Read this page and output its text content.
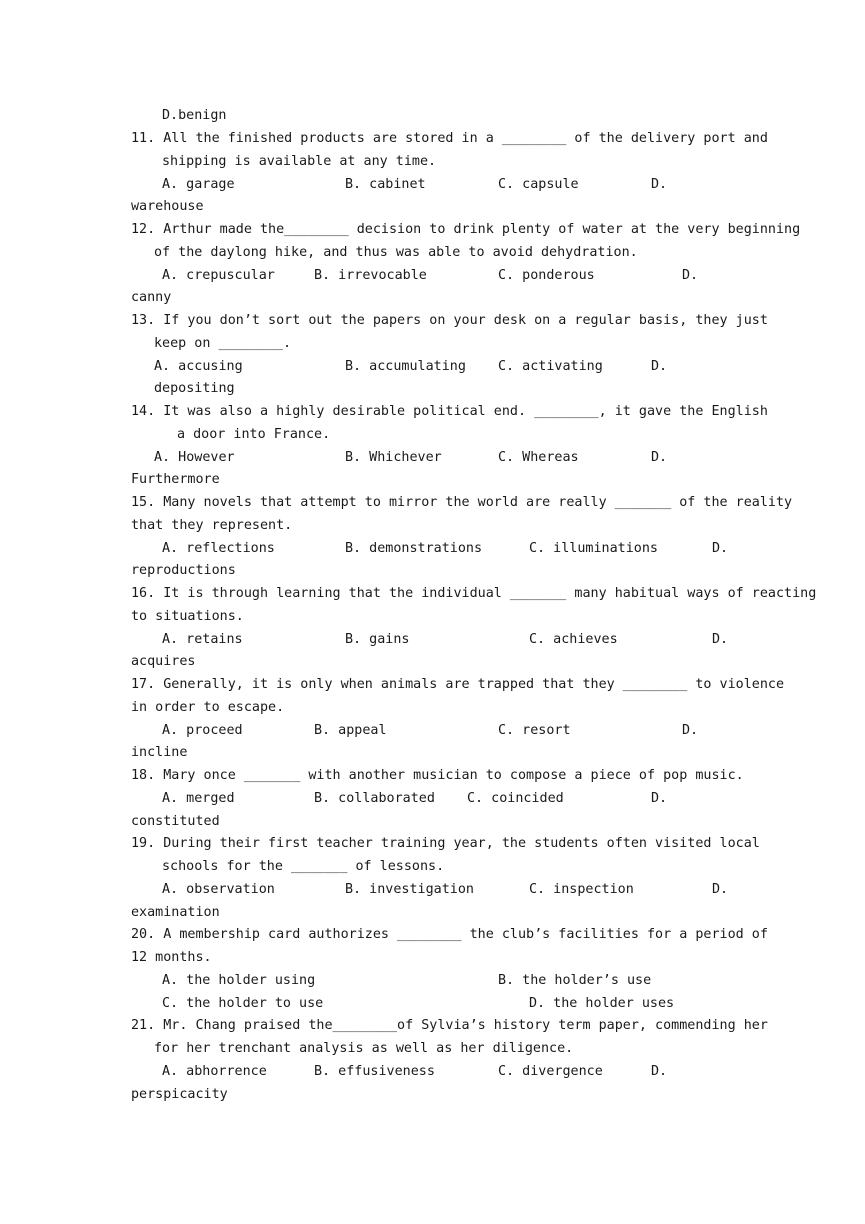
D.benign
11. All the finished products are stored in a ________ of the delivery port and
shipping is available at any time.
A. garage	B. cabinet	C. capsule	D.
warehouse
12. Arthur made the________ decision to drink plenty of water at the very beginning
of the daylong hike, and thus was able to avoid dehydration.
A. crepuscular	B. irrevocable	C. ponderous	D.
canny
13. If you don’t sort out the papers on your desk on a regular basis, they just
keep on ________.
A. accusing	B. accumulating C. activating	D.
depositing
14. It was also a highly desirable political end. ________, it gave the English
a door into France.
A. However	B. Whichever	C. Whereas	D.
Furthermore
15. Many novels that attempt to mirror the world are really _______ of the reality
that they represent.
A. reflections	B. demonstrations	C. illuminations	D.
reproductions
16. It is through learning that the individual _______ many habitual ways of reacting
to situations.
A. retains	B. gains	C. achieves	D.
acquires
17. Generally, it is only when animals are trapped that they ________ to violence
in order to escape.
A. proceed	B. appeal	C. resort	D.
incline
18. Mary once _______ with another musician to compose a piece of pop music.
A. merged	B. collaborated C. coincided	D.
constituted
19. During their first teacher training year, the students often visited local
schools for the _______ of lessons.
A. observation	B. investigation	C. inspection	D.
examination
20. A membership card authorizes ________ the club’s facilities for a period of
12 months.
A. the holder using	B. the holder’s use
C. the holder to use	D. the holder uses
21. Mr. Chang praised the________of Sylvia’s history term paper, commending her
for her trenchant analysis as well as her diligence.
A. abhorrence	B. effusiveness	C. divergence	D.
perspicacity
